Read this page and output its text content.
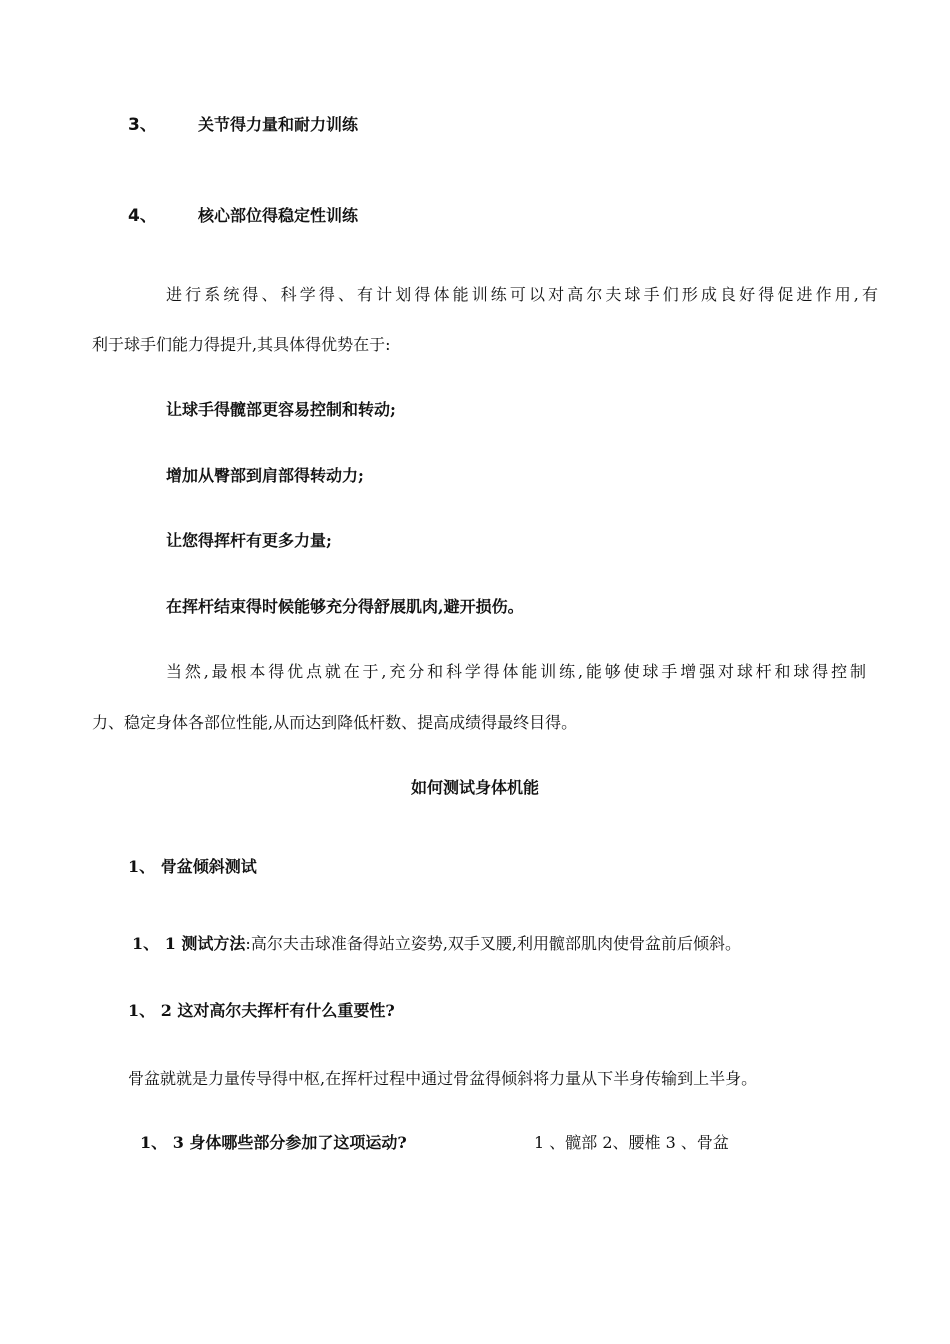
3、	关节得力量和耐力训练
4、	核心部位得稳定性训练
进行系统得、科学得、有计划得体能训练可以对高尔夫球手们形成良好得促进作用,有
利于球手们能力得提升,其具体得优势在于:
让球手得髋部更容易控制和转动;
增加从臀部到肩部得转动力;
让您得挥杆有更多力量;
在挥杆结束得时候能够充分得舒展肌肉,避开损伤。
当然,最根本得优点就在于,充分和科学得体能训练,能够使球手增强对球杆和球得控制
力、稳定身体各部位性能,从而达到降低杆数、提高成绩得最终目得。
如何测试身体机能
1、 骨盆倾斜测试
1、 1 测试方法:高尔夫击球准备得站立姿势,双手叉腰,利用髋部肌肉使骨盆前后倾斜。
1、 2 这对高尔夫挥杆有什么重要性?
骨盆就就是力量传导得中枢,在挥杆过程中通过骨盆得倾斜将力量从下半身传输到上半身。
1、 3 身体哪些部分参加了这项运动?	1 、髋部 2、腰椎 3 、骨盆
